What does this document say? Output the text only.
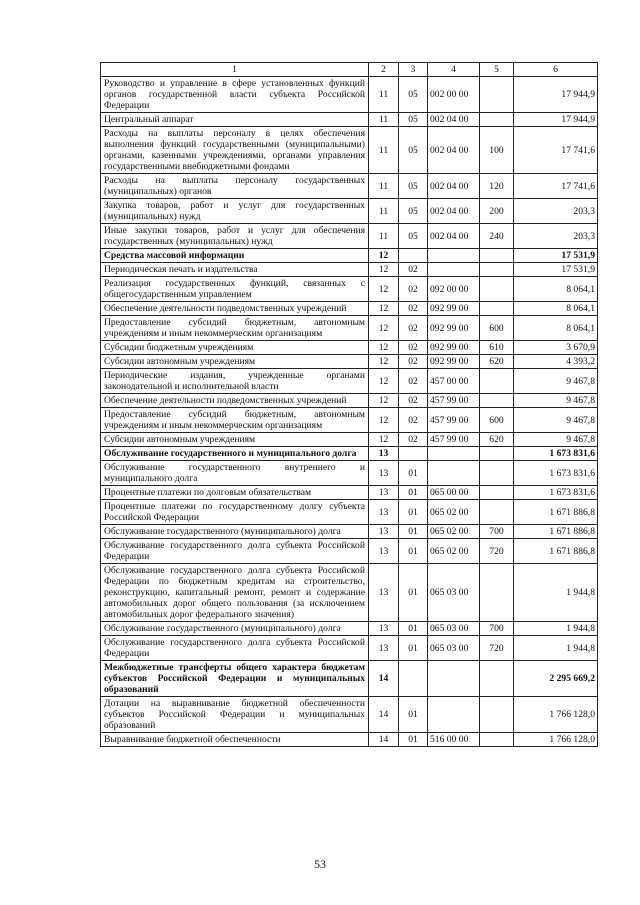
1	2	3	4	5	6
Руководство и управление в сфере установленных функций органов государственной власти субъекта Российской Федерации	11	05	002 00 00		17 944,9
Центральный аппарат	11	05	002 04 00		17 944,9
Расходы на выплаты персоналу в целях обеспечения выполнения функций государственными (муниципальными) органами, казенными учреждениями, органами управления государственными внебюджетными фондами	11	05	002 04 00	100	17 741,6
Расходы на выплаты персоналу государственных (муниципальных) органов	11	05	002 04 00	120	17 741,6
Закупка товаров, работ и услуг для государственных (муниципальных) нужд	11	05	002 04 00	200	203,3
Иные закупки товаров, работ и услуг для обеспечения государственных (муниципальных) нужд	11	05	002 04 00	240	203,3
Средства массовой информации	12				17 531,9
Периодическая печать и издательства	12	02			17 531,9
Реализация государственных функций, связанных с общегосударственным управлением	12	02	092 00 00		8 064,1
Обеспечение деятельности подведомственных учреждений	12	02	092 99 00		8 064,1
Предоставление субсидий бюджетным, автономным учреждениям и иным некоммерческим организациям	12	02	092 99 00	600	8 064,1
Субсидии бюджетным учреждениям	12	02	092 99 00	610	3 670,9
Субсидии автономным учреждениям	12	02	092 99 00	620	4 393,2
Периодические издания, учрежденные органами законодательной и исполнительной власти	12	02	457 00 00		9 467,8
Обеспечение деятельности подведомственных учреждений	12	02	457 99 00		9 467,8
Предоставление субсидий бюджетным, автономным учреждениям и иным некоммерческим организациям	12	02	457 99 00	600	9 467,8
Субсидии автономным учреждениям	12	02	457 99 00	620	9 467,8
Обслуживание государственного и муниципального долга	13				1 673 831,6
Обслуживание государственного внутреннего и муниципального долга	13	01			1 673 831,6
Процентные платежи по долговым обязательствам	13	01	065 00 00		1 673 831,6
Процентные платежи по государственному долгу субъекта Российской Федерации	13	01	065 02 00		1 671 886,8
Обслуживание государственного (муниципального) долга	13	01	065 02 00	700	1 671 886,8
Обслуживание государственного долга субъекта Российской Федерации	13	01	065 02 00	720	1 671 886,8
Обслуживание государственного долга субъекта Российской Федерации по бюджетным кредитам на строительство, реконструкцию, капитальный ремонт, ремонт и содержание автомобильных дорог общего пользования (за исключением автомобильных дорог федерального значения)	13	01	065 03 00		1 944,8
Обслуживание государственного (муниципального) долга	13	01	065 03 00	700	1 944,8
Обслуживание государственного долга субъекта Российской Федерации	13	01	065 03 00	720	1 944,8
Межбюджетные трансферты общего характера бюджетам субъектов Российской Федерации и муниципальных образований	14				2 295 669,2
Дотации на выравнивание бюджетной обеспеченности субъектов Российской Федерации и муниципальных образований	14	01			1 766 128,0
Выравнивание бюджетной обеспеченности	14	01	516 00 00		1 766 128,0
53
